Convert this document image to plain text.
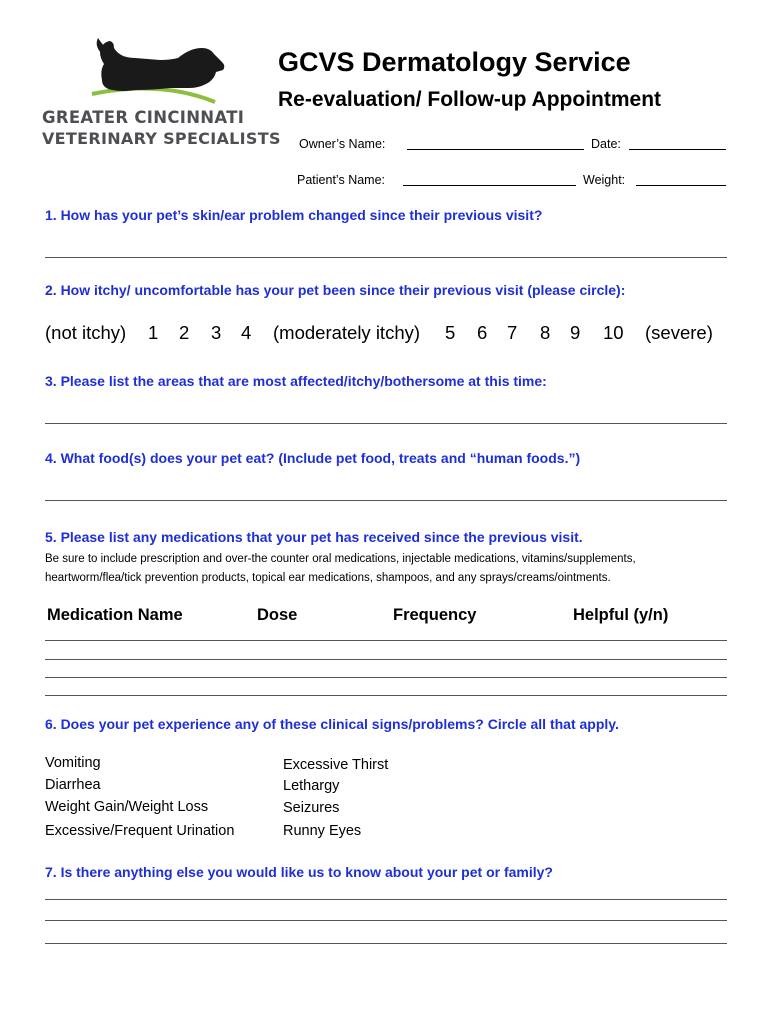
GREATER CINCINNATI
VETERINARY SPECIALISTS
GCVS Dermatology Service
Re-evaluation/ Follow-up Appointment
Owner’s Name:	Date:
Patient’s Name:	Weight:
1. How has your pet’s skin/ear problem changed since their previous visit?
2. How itchy/ uncomfortable has your pet been since their previous visit (please circle):
(not itchy) 1 2 3 4 (moderately itchy) 5 6 7 8 9 10 (severe)
3. Please list the areas that are most affected/itchy/bothersome at this time:
4. What food(s) does your pet eat? (Include pet food, treats and “human foods.”)
5. Please list any medications that your pet has received since the previous visit.
Be sure to include prescription and over-the counter oral medications, injectable medications, vitamins/supplements,
heartworm/flea/tick prevention products, topical ear medications, shampoos, and any sprays/creams/ointments.
Medication Name	Dose	Frequency	Helpful (y/n)
6. Does your pet experience any of these clinical signs/problems? Circle all that apply.
Vomiting
Diarrhea
Weight Gain/Weight Loss
Excessive/Frequent Urination
Excessive Thirst
Lethargy
Seizures
Runny Eyes
7. Is there anything else you would like us to know about your pet or family?
